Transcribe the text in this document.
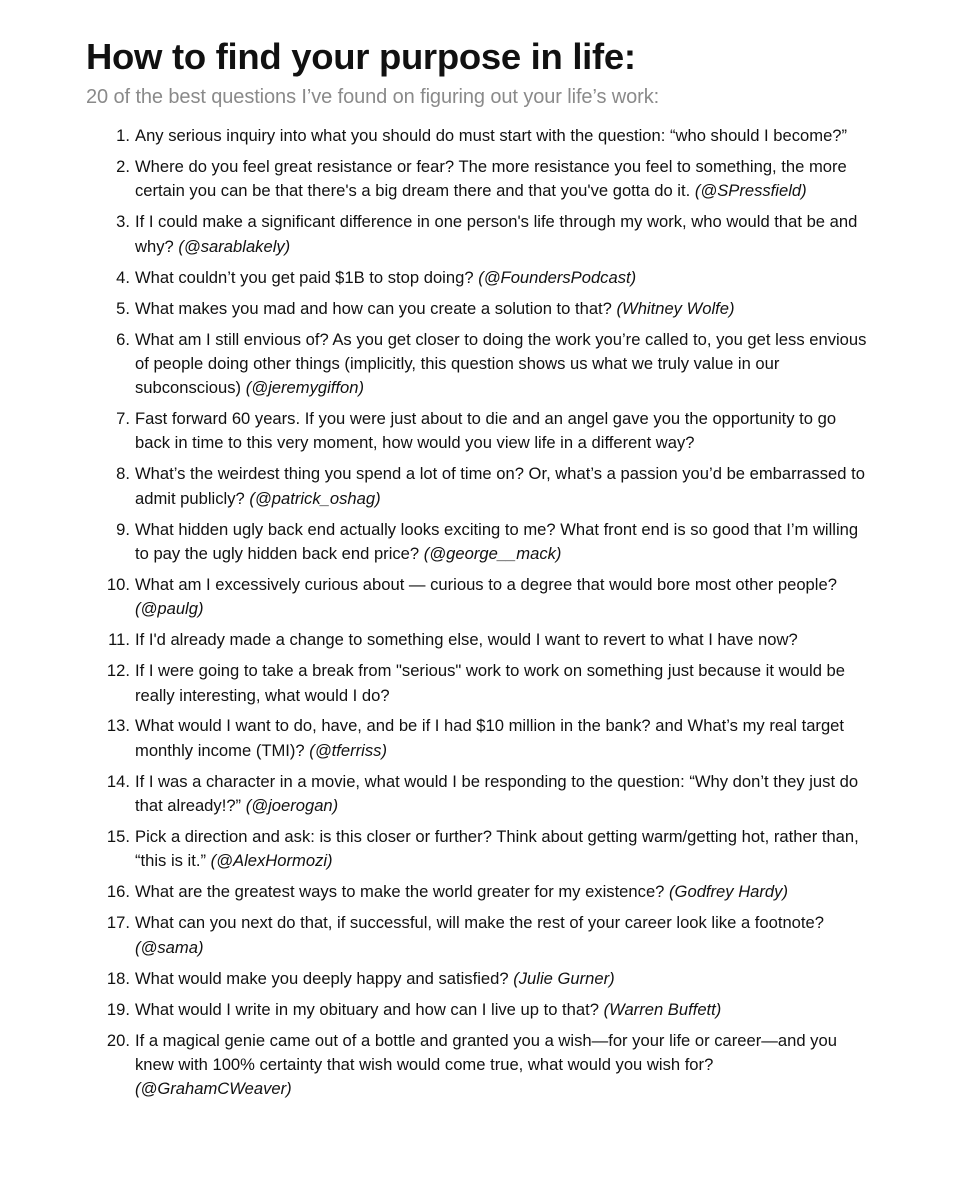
How to find your purpose in life:

20 of the best questions I’ve found on figuring out your life’s work:

1. Any serious inquiry into what you should do must start with the question: “who should I become?”
2. Where do you feel great resistance or fear? The more resistance you feel to something, the more certain you can be that there's a big dream there and that you've gotta do it. (@SPressfield)
3. If I could make a significant difference in one person's life through my work, who would that be and why? (@sarablakely)
4. What couldn’t you get paid $1B to stop doing? (@FoundersPodcast)
5. What makes you mad and how can you create a solution to that? (Whitney Wolfe)
6. What am I still envious of? As you get closer to doing the work you’re called to, you get less envious of people doing other things (implicitly, this question shows us what we truly value in our subconscious) (@jeremygiffon)
7. Fast forward 60 years. If you were just about to die and an angel gave you the opportunity to go back in time to this very moment, how would you view life in a different way?
8. What’s the weirdest thing you spend a lot of time on? Or, what’s a passion you’d be embarrassed to admit publicly? (@patrick_oshag)
9. What hidden ugly back end actually looks exciting to me? What front end is so good that I’m willing to pay the ugly hidden back end price? (@george__mack)
10. What am I excessively curious about — curious to a degree that would bore most other people? (@paulg)
11. If I'd already made a change to something else, would I want to revert to what I have now?
12. If I were going to take a break from "serious" work to work on something just because it would be really interesting, what would I do?
13. What would I want to do, have, and be if I had $10 million in the bank? and What’s my real target monthly income (TMI)? (@tferriss)
14. If I was a character in a movie, what would I be responding to the question: “Why don’t they just do that already!?” (@joerogan)
15. Pick a direction and ask: is this closer or further? Think about getting warm/getting hot, rather than, “this is it.” (@AlexHormozi)
16. What are the greatest ways to make the world greater for my existence? (Godfrey Hardy)
17. What can you next do that, if successful, will make the rest of your career look like a footnote? (@sama)
18. What would make you deeply happy and satisfied? (Julie Gurner)
19. What would I write in my obituary and how can I live up to that? (Warren Buffett)
20. If a magical genie came out of a bottle and granted you a wish—for your life or career—and you knew with 100% certainty that wish would come true, what would you wish for? (@GrahamCWeaver)
